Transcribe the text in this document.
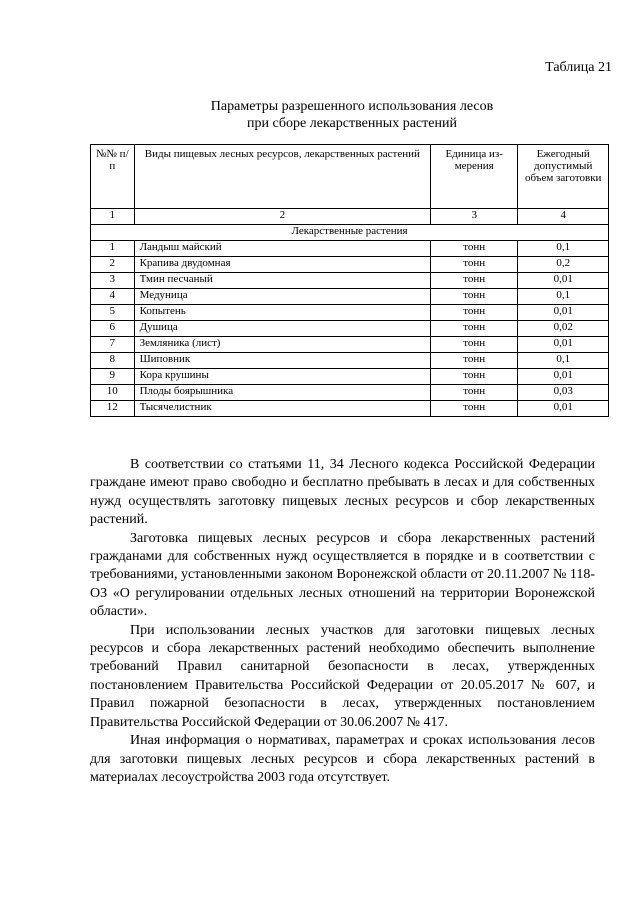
Таблица 21
Параметры разрешенного использования лесов
при сборе лекарственных растений
№№ п/п	Виды пищевых лесных ресурсов, лекарственных растений	Единица из-мерения	Ежегодный допустимый объем заготовки
1	2	3	4
Лекарственные растения			
1	Ландыш майский	тонн	0,1
2	Крапива двудомная	тонн	0,2
3	Тмин песчаный	тонн	0,01
4	Медуница	тонн	0,1
5	Копытень	тонн	0,01
6	Душица	тонн	0,02
7	Земляника (лист)	тонн	0,01
8	Шиповник	тонн	0,1
9	Кора крушины	тонн	0,01
10	Плоды боярышника	тонн	0,03
12	Тысячелистник	тонн	0,01

В соответствии со статьями 11, 34 Лесного кодекса Российской Федерации граждане имеют право свободно и бесплатно пребывать в лесах и для собственных нужд осуществлять заготовку пищевых лесных ресурсов и сбор лекарственных растений.

Заготовка пищевых лесных ресурсов и сбора лекарственных растений гражданами для собственных нужд осуществляется в порядке и в соответствии с требованиями, установленными законом Воронежской области от 20.11.2007 № 118-ОЗ «О регулировании отдельных лесных отношений на территории Воронежской области».

При использовании лесных участков для заготовки пищевых лесных ресурсов и сбора лекарственных растений необходимо обеспечить выполнение требований Правил санитарной безопасности в лесах, утвержденных постановлением Правительства Российской Федерации от 20.05.2017 № 607, и Правил пожарной безопасности в лесах, утвержденных постановлением Правительства Российской Федерации от 30.06.2007 № 417.

Иная информация о нормативах, параметрах и сроках использования лесов для заготовки пищевых лесных ресурсов и сбора лекарственных растений в материалах лесоустройства 2003 года отсутствует.
